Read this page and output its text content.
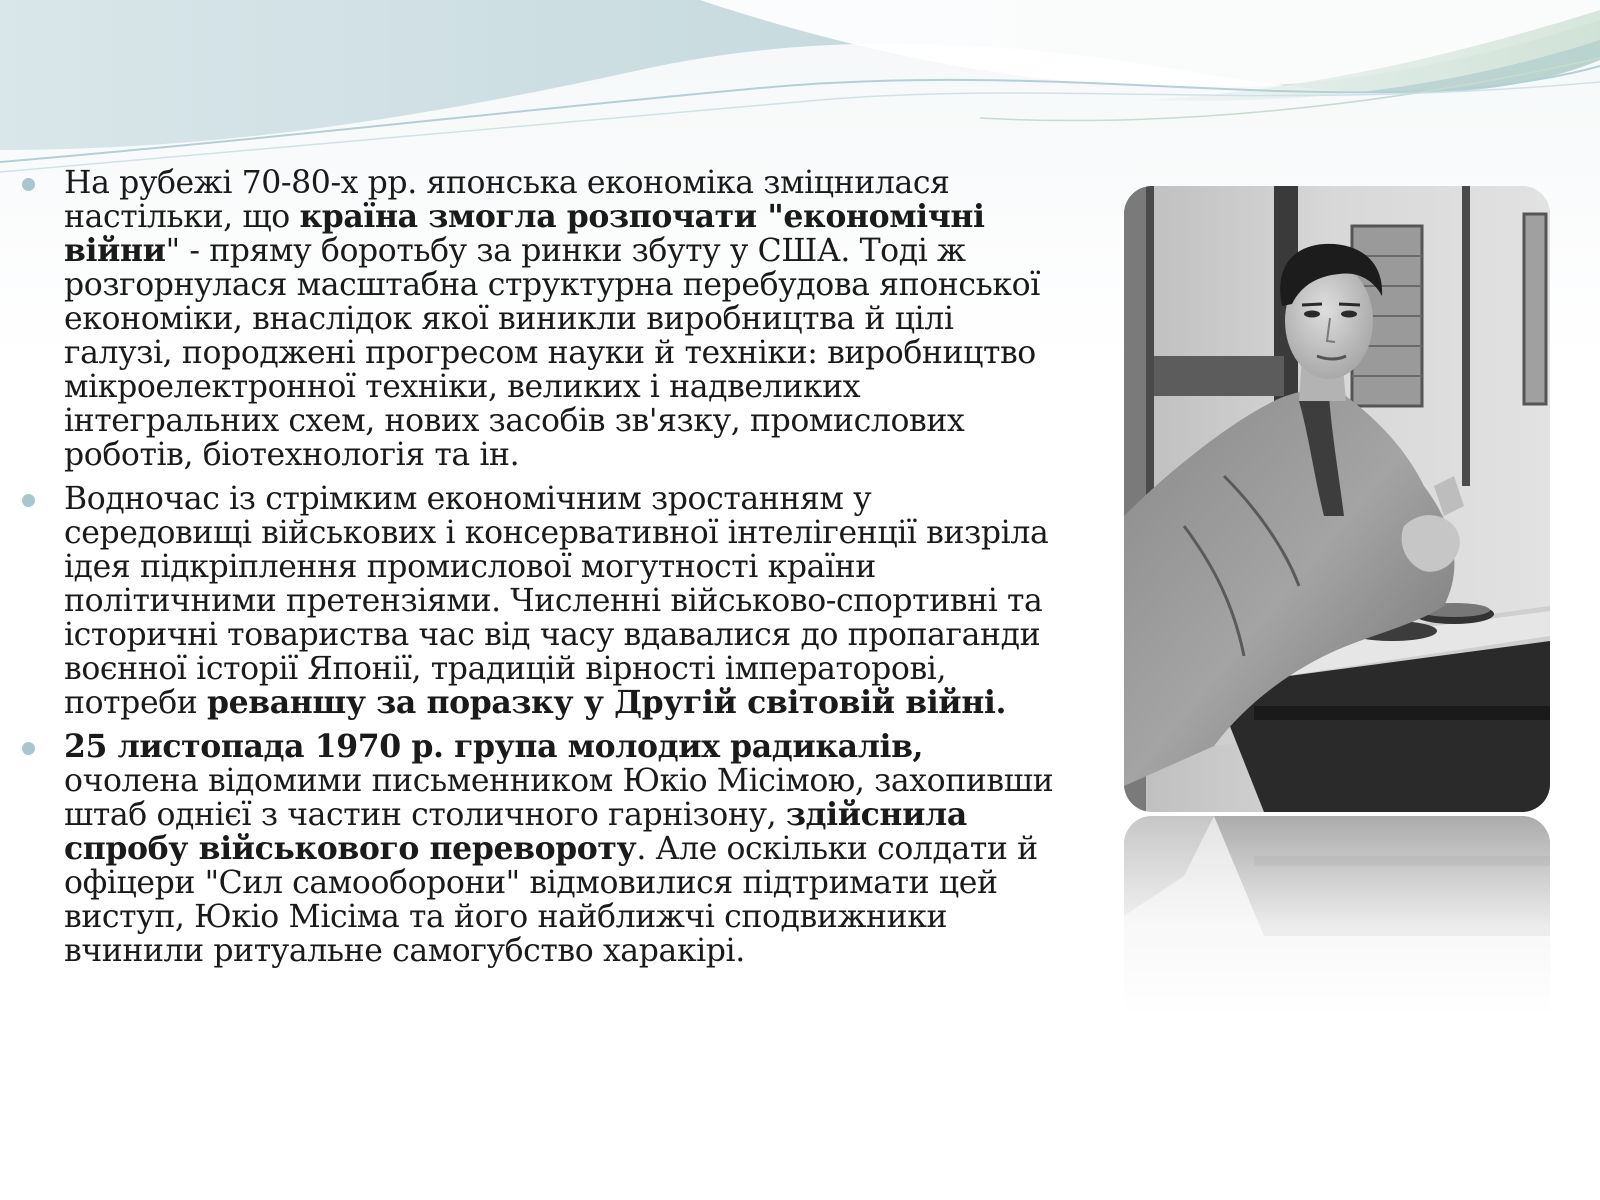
На рубежі 70-80-х рр. японська економіка зміцнилася настільки, що країна змогла розпочати "економічні війни" - пряму боротьбу за ринки збуту у США. Тоді ж розгорнулася масштабна структурна перебудова японської економіки, внаслідок якої виникли виробництва й цілі галузі, породжені прогресом науки й техніки: виробництво мікроелектронної техніки, великих і надвеликих інтегральних схем, нових засобів зв'язку, промислових роботів, біотехнологія та ін.

Водночас із стрімким економічним зростанням у середовищі військових і консервативної інтелігенції визріла ідея підкріплення промислової могутності країни політичними претензіями. Численні військово-спортивні та історичні товариства час від часу вдавалися до пропаганди воєнної історії Японії, традицій вірності імператорові, потреби реваншу за поразку у Другій світовій війні.

25 листопада 1970 р. група молодих радикалів, очолена відомими письменником Юкіо Місімою, захопивши штаб однієї з частин столичного гарнізону, здійснила спробу військового перевороту. Але оскільки солдати й офіцери "Сил самооборони" відмовилися підтримати цей виступ, Юкіо Місіма та його найближчі сподвижники вчинили ритуальне самогубство харакірі.
